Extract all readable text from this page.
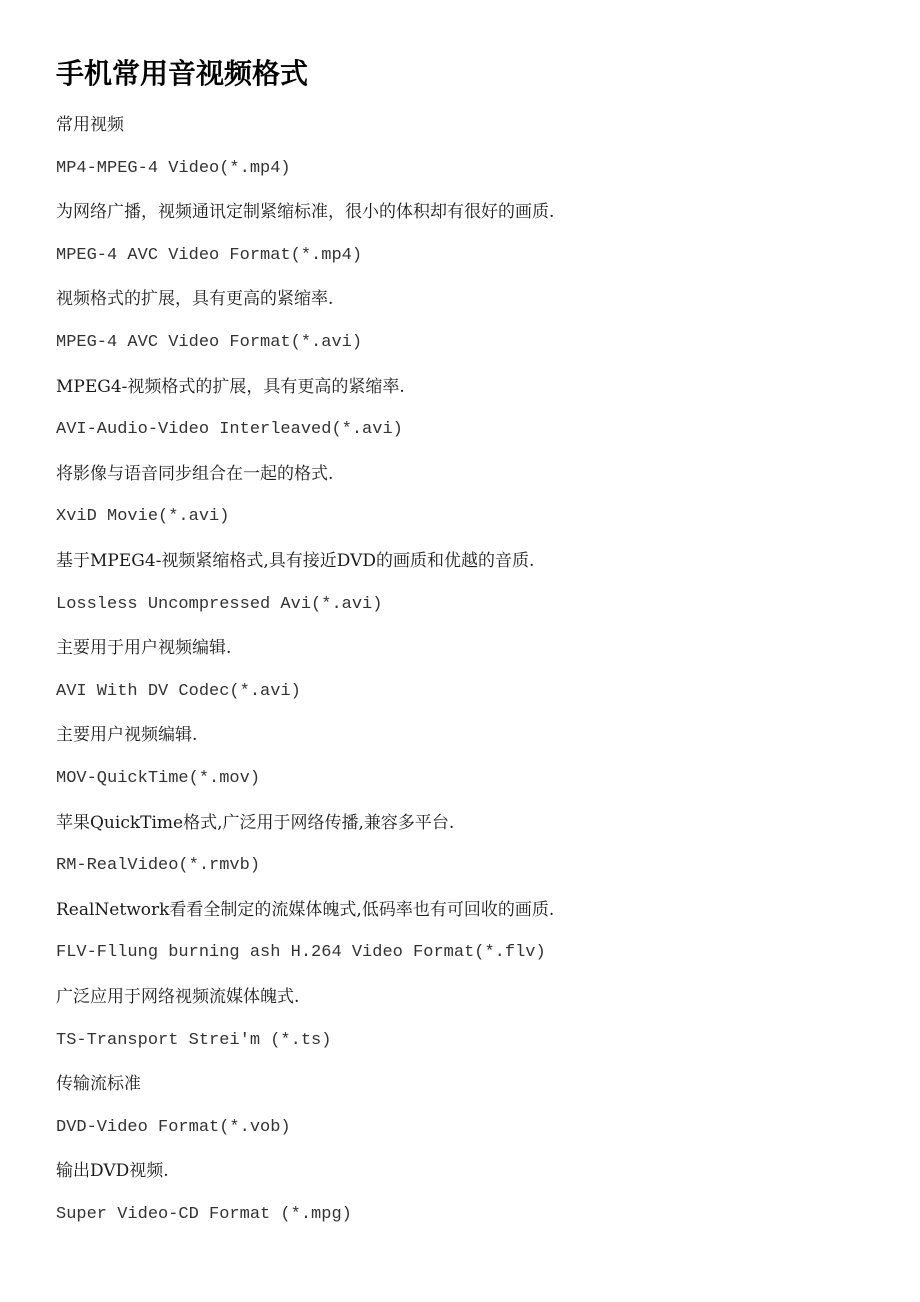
手机常用音视频格式

常用视频

MP4-MPEG-4 Video(*.mp4)

为网络广播，视频通讯定制紧缩标准，很小的体积却有很好的画质.

MPEG-4 AVC Video Format(*.mp4)

视频格式的扩展，具有更高的紧缩率.

MPEG-4 AVC Video Format(*.avi)

MPEG4-视频格式的扩展，具有更高的紧缩率.

AVI-Audio-Video Interleaved(*.avi)

将影像与语音同步组合在一起的格式.

XviD Movie(*.avi)

基于MPEG4-视频紧缩格式,具有接近DVD的画质和优越的音质.

Lossless Uncompressed Avi(*.avi)

主要用于用户视频编辑.

AVI With DV Codec(*.avi)

主要用户视频编辑.

MOV-QuickTime(*.mov)

苹果QuickTime格式,广泛用于网络传播,兼容多平台.

RM-RealVideo(*.rmvb)

RealNetwork看看全制定的流媒体魄式,低码率也有可回收的画质.

FLV-Fllung burning ash H.264 Video Format(*.flv)

广泛应用于网络视频流媒体魄式.

TS-Transport Strei'm (*.ts)

传输流标准

DVD-Video Format(*.vob)

输出DVD视频.

Super Video-CD Format (*.mpg)
